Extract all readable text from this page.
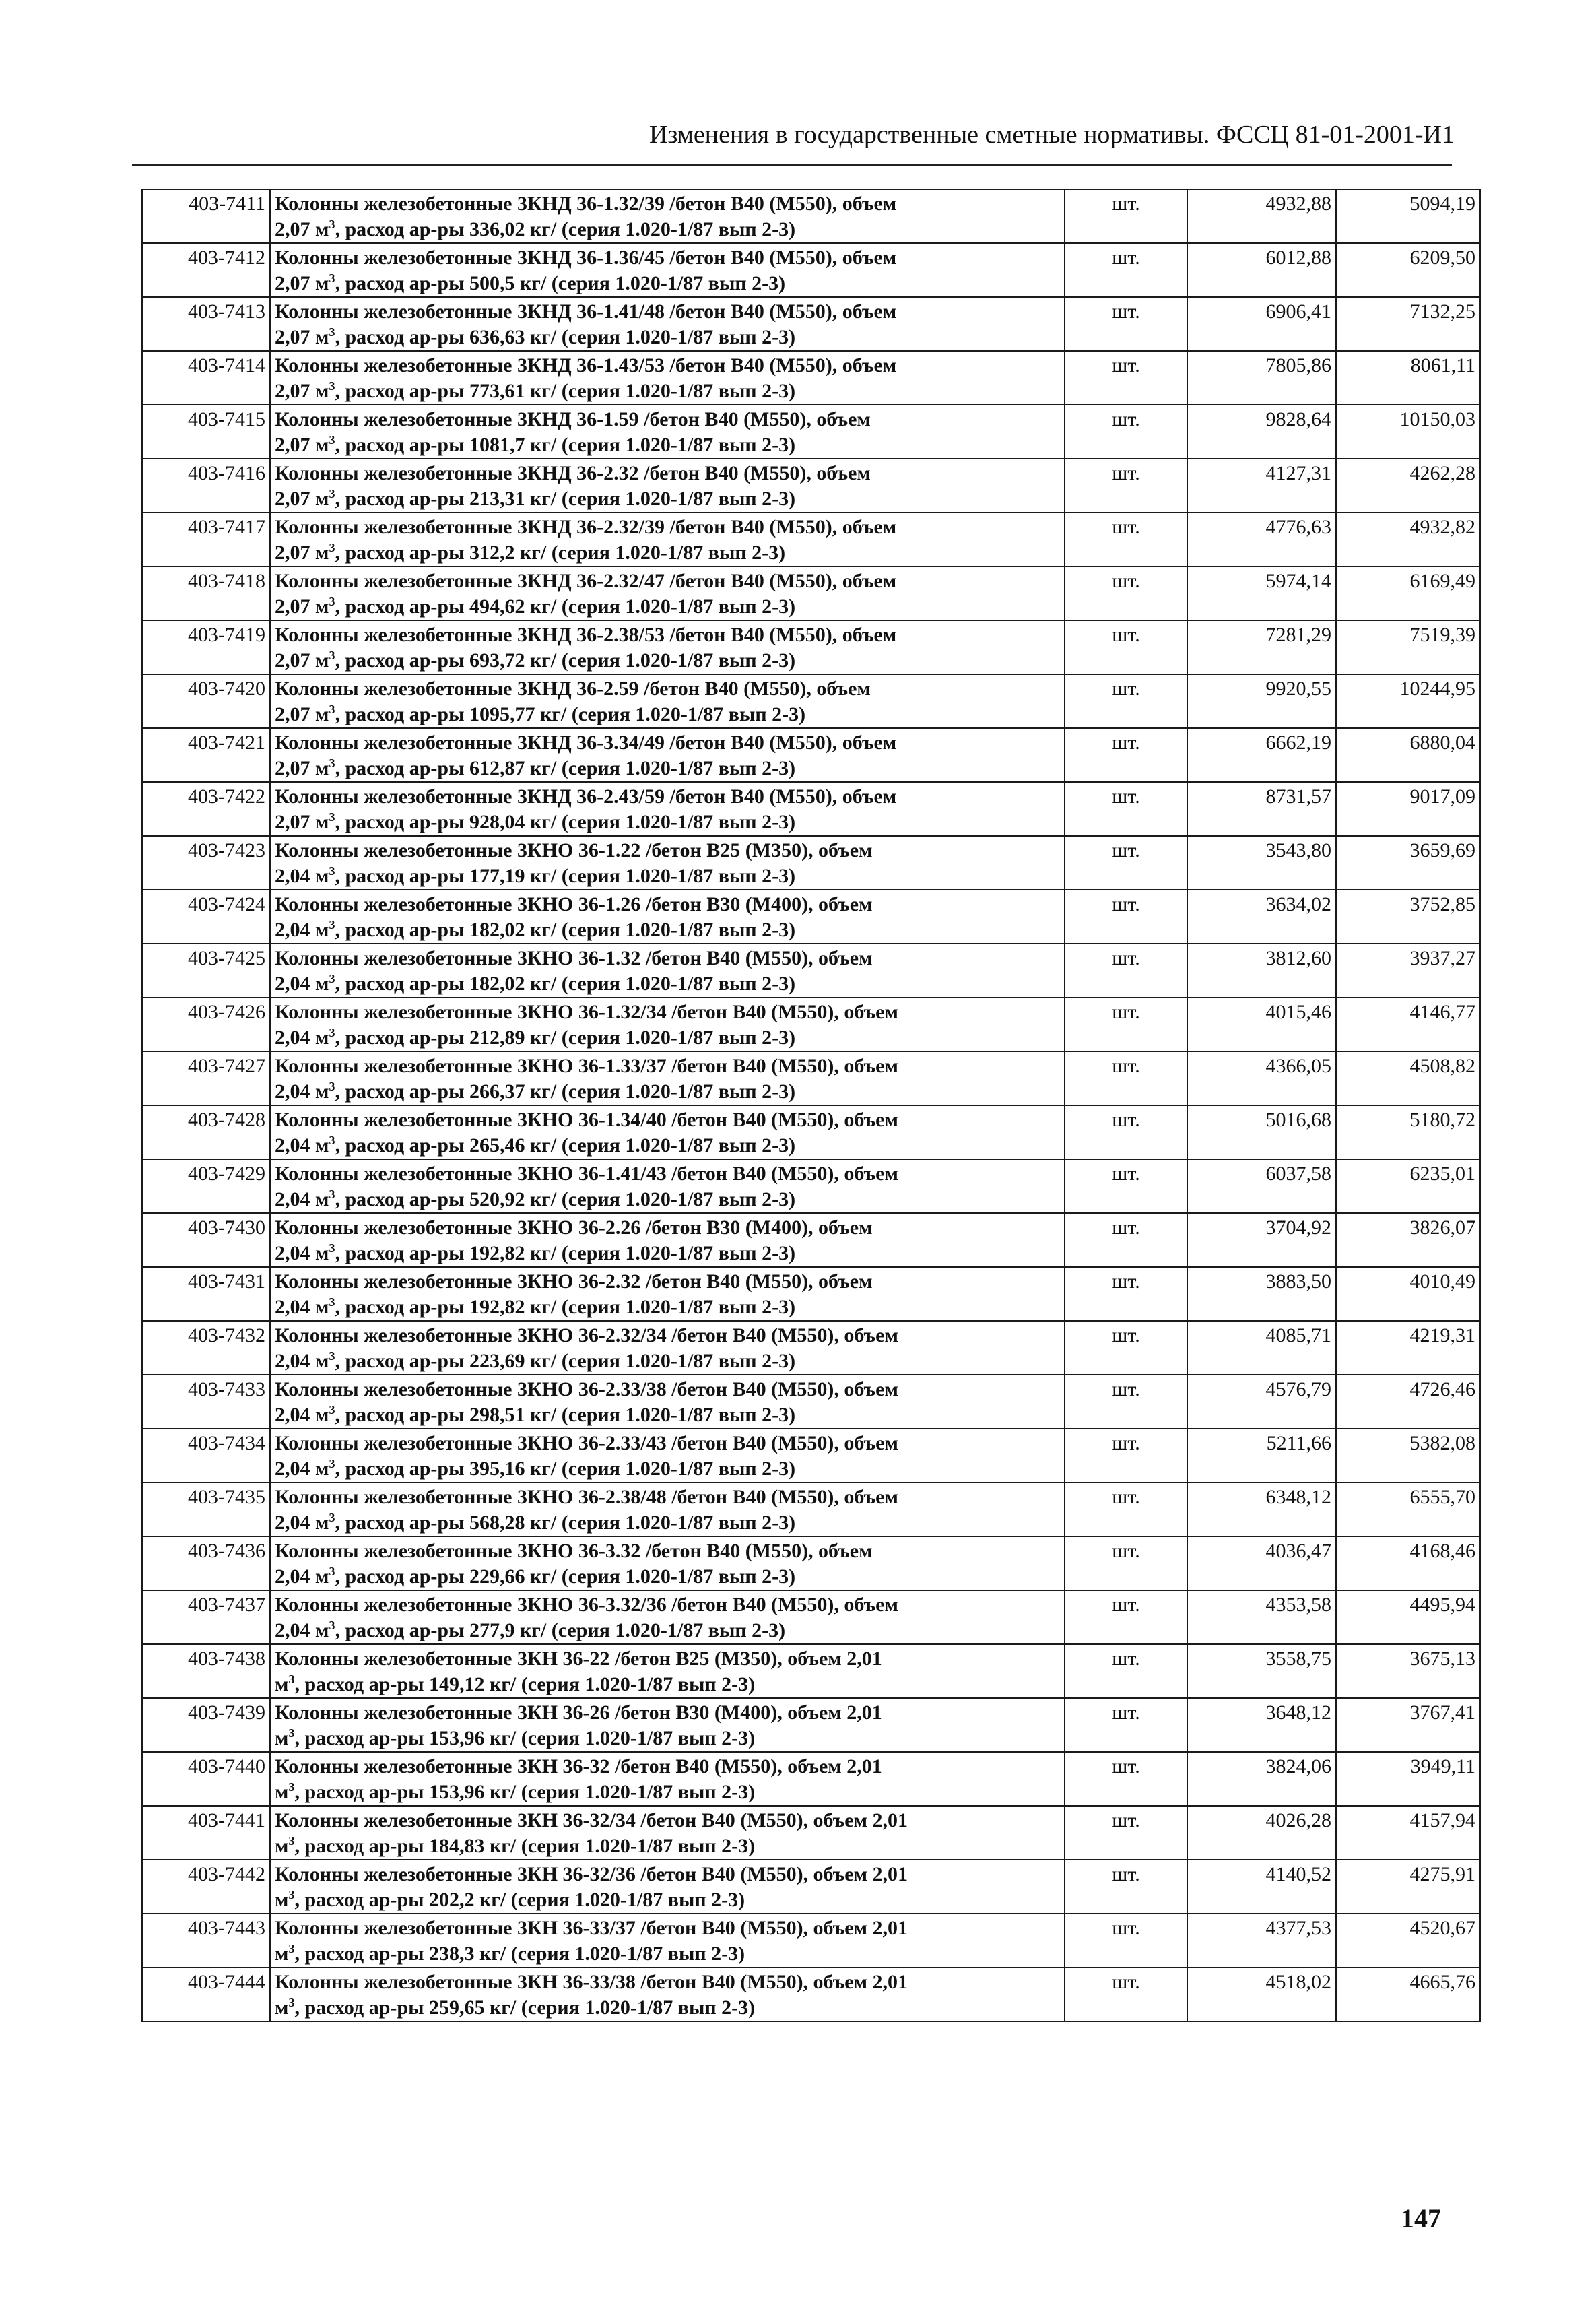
Изменения в государственные сметные нормативы. ФССЦ 81-01-2001-И1
403-7411	Колонны железобетонные 3КНД 36-1.32/39 /бетон В40 (М550), объем
2,07 $м^3$, расход ар-ры 336,02 кг/ (серия 1.020-1/87 вып 2-3)	шт.	4932,88	5094,19
403-7412	Колонны железобетонные 3КНД 36-1.36/45 /бетон В40 (М550), объем
2,07 $м^3$, расход ар-ры 500,5 кг/ (серия 1.020-1/87 вып 2-3)	шт.	6012,88	6209,50
403-7413	Колонны железобетонные 3КНД 36-1.41/48 /бетон В40 (М550), объем
2,07 $м^3$, расход ар-ры 636,63 кг/ (серия 1.020-1/87 вып 2-3)	шт.	6906,41	7132,25
403-7414	Колонны железобетонные 3КНД 36-1.43/53 /бетон В40 (М550), объем
2,07 $м^3$, расход ар-ры 773,61 кг/ (серия 1.020-1/87 вып 2-3)	шт.	7805,86	8061,11
403-7415	Колонны железобетонные 3КНД 36-1.59 /бетон В40 (М550), объем
2,07 $м^3$, расход ар-ры 1081,7 кг/ (серия 1.020-1/87 вып 2-3)	шт.	9828,64	10150,03
403-7416	Колонны железобетонные 3КНД 36-2.32 /бетон В40 (М550), объем
2,07 $м^3$, расход ар-ры 213,31 кг/ (серия 1.020-1/87 вып 2-3)	шт.	4127,31	4262,28
403-7417	Колонны железобетонные 3КНД 36-2.32/39 /бетон В40 (М550), объем
2,07 $м^3$, расход ар-ры 312,2 кг/ (серия 1.020-1/87 вып 2-3)	шт.	4776,63	4932,82
403-7418	Колонны железобетонные 3КНД 36-2.32/47 /бетон В40 (М550), объем
2,07 $м^3$, расход ар-ры 494,62 кг/ (серия 1.020-1/87 вып 2-3)	шт.	5974,14	6169,49
403-7419	Колонны железобетонные 3КНД 36-2.38/53 /бетон В40 (М550), объем
2,07 $м^3$, расход ар-ры 693,72 кг/ (серия 1.020-1/87 вып 2-3)	шт.	7281,29	7519,39
403-7420	Колонны железобетонные 3КНД 36-2.59 /бетон В40 (М550), объем
2,07 $м^3$, расход ар-ры 1095,77 кг/ (серия 1.020-1/87 вып 2-3)	шт.	9920,55	10244,95
403-7421	Колонны железобетонные 3КНД 36-3.34/49 /бетон В40 (М550), объем
2,07 $м^3$, расход ар-ры 612,87 кг/ (серия 1.020-1/87 вып 2-3)	шт.	6662,19	6880,04
403-7422	Колонны железобетонные 3КНД 36-2.43/59 /бетон В40 (М550), объем
2,07 $м^3$, расход ар-ры 928,04 кг/ (серия 1.020-1/87 вып 2-3)	шт.	8731,57	9017,09
403-7423	Колонны железобетонные 3КНО 36-1.22 /бетон В25 (М350), объем
2,04 $м^3$, расход ар-ры 177,19 кг/ (серия 1.020-1/87 вып 2-3)	шт.	3543,80	3659,69
403-7424	Колонны железобетонные 3КНО 36-1.26 /бетон В30 (М400), объем
2,04 $м^3$, расход ар-ры 182,02 кг/ (серия 1.020-1/87 вып 2-3)	шт.	3634,02	3752,85
403-7425	Колонны железобетонные 3КНО 36-1.32 /бетон В40 (М550), объем
2,04 $м^3$, расход ар-ры 182,02 кг/ (серия 1.020-1/87 вып 2-3)	шт.	3812,60	3937,27
403-7426	Колонны железобетонные 3КНО 36-1.32/34 /бетон В40 (М550), объем
2,04 $м^3$, расход ар-ры 212,89 кг/ (серия 1.020-1/87 вып 2-3)	шт.	4015,46	4146,77
403-7427	Колонны железобетонные 3КНО 36-1.33/37 /бетон В40 (М550), объем
2,04 $м^3$, расход ар-ры 266,37 кг/ (серия 1.020-1/87 вып 2-3)	шт.	4366,05	4508,82
403-7428	Колонны железобетонные 3КНО 36-1.34/40 /бетон В40 (М550), объем
2,04 $м^3$, расход ар-ры 265,46 кг/ (серия 1.020-1/87 вып 2-3)	шт.	5016,68	5180,72
403-7429	Колонны железобетонные 3КНО 36-1.41/43 /бетон В40 (М550), объем
2,04 $м^3$, расход ар-ры 520,92 кг/ (серия 1.020-1/87 вып 2-3)	шт.	6037,58	6235,01
403-7430	Колонны железобетонные 3КНО 36-2.26 /бетон В30 (М400), объем
2,04 $м^3$, расход ар-ры 192,82 кг/ (серия 1.020-1/87 вып 2-3)	шт.	3704,92	3826,07
403-7431	Колонны железобетонные 3КНО 36-2.32 /бетон В40 (М550), объем
2,04 $м^3$, расход ар-ры 192,82 кг/ (серия 1.020-1/87 вып 2-3)	шт.	3883,50	4010,49
403-7432	Колонны железобетонные 3КНО 36-2.32/34 /бетон В40 (М550), объем
2,04 $м^3$, расход ар-ры 223,69 кг/ (серия 1.020-1/87 вып 2-3)	шт.	4085,71	4219,31
403-7433	Колонны железобетонные 3КНО 36-2.33/38 /бетон В40 (М550), объем
2,04 $м^3$, расход ар-ры 298,51 кг/ (серия 1.020-1/87 вып 2-3)	шт.	4576,79	4726,46
403-7434	Колонны железобетонные 3КНО 36-2.33/43 /бетон В40 (М550), объем
2,04 $м^3$, расход ар-ры 395,16 кг/ (серия 1.020-1/87 вып 2-3)	шт.	5211,66	5382,08
403-7435	Колонны железобетонные 3КНО 36-2.38/48 /бетон В40 (М550), объем
2,04 $м^3$, расход ар-ры 568,28 кг/ (серия 1.020-1/87 вып 2-3)	шт.	6348,12	6555,70
403-7436	Колонны железобетонные 3КНО 36-3.32 /бетон В40 (М550), объем
2,04 $м^3$, расход ар-ры 229,66 кг/ (серия 1.020-1/87 вып 2-3)	шт.	4036,47	4168,46
403-7437	Колонны железобетонные 3КНО 36-3.32/36 /бетон В40 (М550), объем
2,04 $м^3$, расход ар-ры 277,9 кг/ (серия 1.020-1/87 вып 2-3)	шт.	4353,58	4495,94
403-7438	Колонны железобетонные 3КН 36-22 /бетон В25 (М350), объем 2,01
$м^3$, расход ар-ры 149,12 кг/ (серия 1.020-1/87 вып 2-3)	шт.	3558,75	3675,13
403-7439	Колонны железобетонные 3КН 36-26 /бетон В30 (М400), объем 2,01
$м^3$, расход ар-ры 153,96 кг/ (серия 1.020-1/87 вып 2-3)	шт.	3648,12	3767,41
403-7440	Колонны железобетонные 3КН 36-32 /бетон В40 (М550), объем 2,01
$м^3$, расход ар-ры 153,96 кг/ (серия 1.020-1/87 вып 2-3)	шт.	3824,06	3949,11
403-7441	Колонны железобетонные 3КН 36-32/34 /бетон В40 (М550), объем 2,01
$м^3$, расход ар-ры 184,83 кг/ (серия 1.020-1/87 вып 2-3)	шт.	4026,28	4157,94
403-7442	Колонны железобетонные 3КН 36-32/36 /бетон В40 (М550), объем 2,01
$м^3$, расход ар-ры 202,2 кг/ (серия 1.020-1/87 вып 2-3)	шт.	4140,52	4275,91
403-7443	Колонны железобетонные 3КН 36-33/37 /бетон В40 (М550), объем 2,01
$м^3$, расход ар-ры 238,3 кг/ (серия 1.020-1/87 вып 2-3)	шт.	4377,53	4520,67
403-7444	Колонны железобетонные 3КН 36-33/38 /бетон В40 (М550), объем 2,01
$м^3$, расход ар-ры 259,65 кг/ (серия 1.020-1/87 вып 2-3)	шт.	4518,02	4665,76
147
